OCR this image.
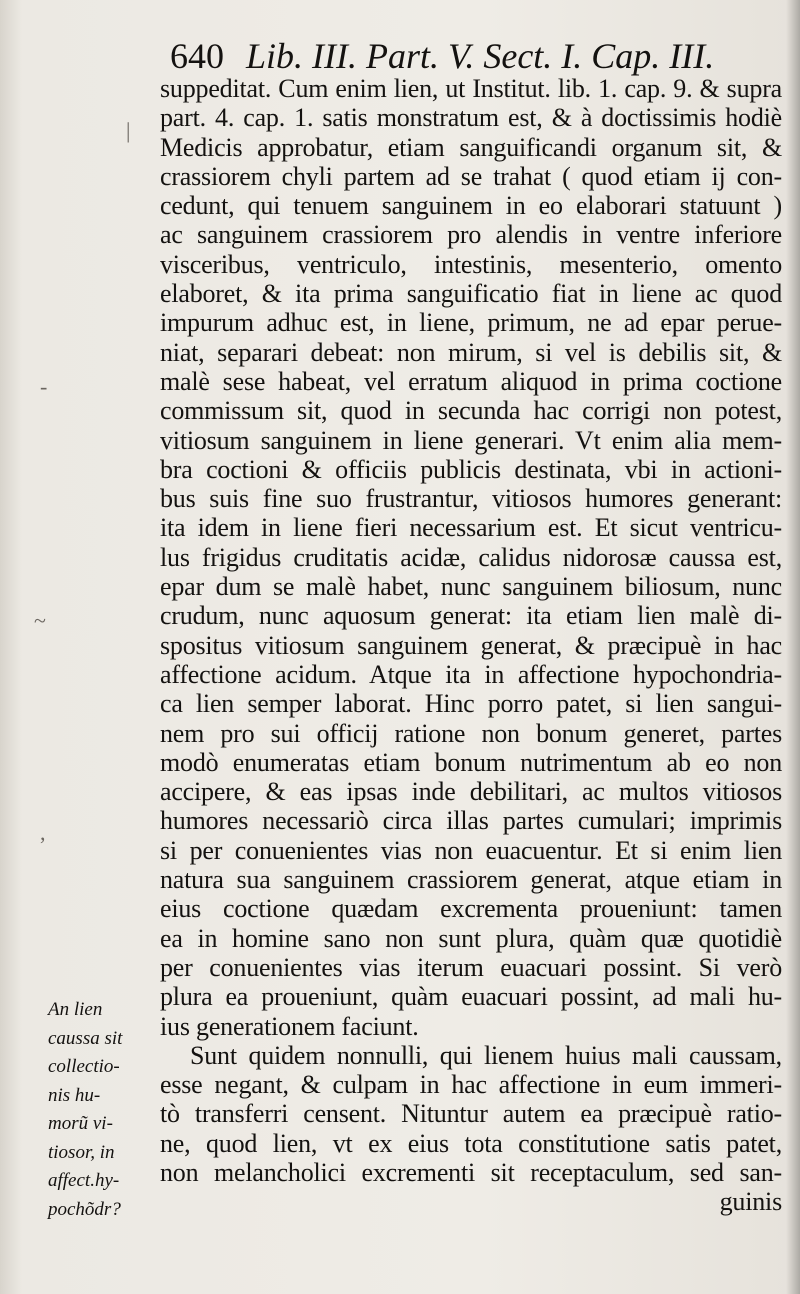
640 Lib. III. Part. V. Sect. I. Cap. III.
suppeditat. Cum enim lien, ut Institut. lib. 1. cap. 9. & supra
part. 4. cap. 1. satis monstratum est, & à doctissimis hodiè
Medicis approbatur, etiam sanguificandi organum sit, &
crassiorem chyli partem ad se trahat ( quod etiam ij con-
cedunt, qui tenuem sanguinem in eo elaborari statuunt )
ac sanguinem crassiorem pro alendis in ventre inferiore
visceribus, ventriculo, intestinis, mesenterio, omento
elaboret, & ita prima sanguificatio fiat in liene ac quod
impurum adhuc est, in liene, primum, ne ad epar perue-
niat, separari debeat: non mirum, si vel is debilis sit, &
malè sese habeat, vel erratum aliquod in prima coctione
commissum sit, quod in secunda hac corrigi non potest,
vitiosum sanguinem in liene generari. Vt enim alia mem-
bra coctioni & officiis publicis destinata, vbi in actioni-
bus suis fine suo frustrantur, vitiosos humores generant:
ita idem in liene fieri necessarium est. Et sicut ventricu-
lus frigidus cruditatis acidæ, calidus nidorosæ caussa est,
epar dum se malè habet, nunc sanguinem biliosum, nunc
crudum, nunc aquosum generat: ita etiam lien malè di-
spositus vitiosum sanguinem generat, & præcipuè in hac
affectione acidum. Atque ita in affectione hypochondria-
ca lien semper laborat. Hinc porro patet, si lien sangui-
nem pro sui officij ratione non bonum generet, partes
modò enumeratas etiam bonum nutrimentum ab eo non
accipere, & eas ipsas inde debilitari, ac multos vitiosos
humores necessariò circa illas partes cumulari; imprimis
si per conuenientes vias non euacuentur. Et si enim lien
natura sua sanguinem crassiorem generat, atque etiam in
eius coctione quædam excrementa proueniunt: tamen
ea in homine sano non sunt plura, quàm quæ quotidiè
per conuenientes vias iterum euacuari possint. Si verò
plura ea proueniunt, quàm euacuari possint, ad mali hu-
ius generationem faciunt.
Sunt quidem nonnulli, qui lienem huius mali caussam,
esse negant, & culpam in hac affectione in eum immeri-
tò transferri censent. Nituntur autem ea præcipuè ratio-
ne, quod lien, vt ex eius tota constitutione satis patet,
non melancholici excrementi sit receptaculum, sed san-
guinis
An lien
caussa sit
collectio-
nis hu-
morũ vi-
tiosor, in
affect.hy-
pochõdr?
|
-
~
,
